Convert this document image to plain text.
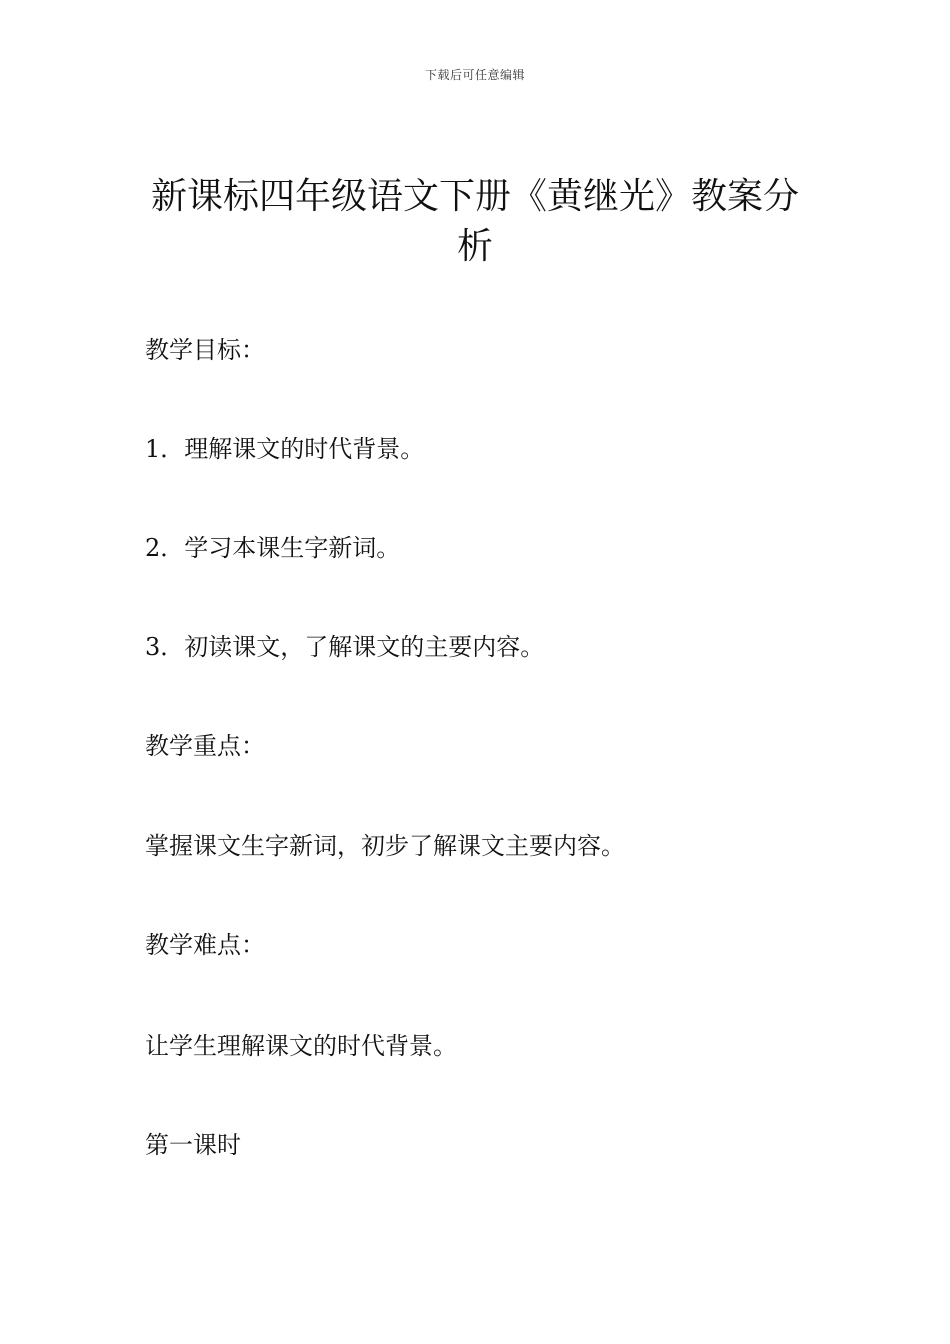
下载后可任意编辑
新课标四年级语文下册《黄继光》教案分析

教学目标：

1．理解课文的时代背景。

2．学习本课生字新词。

3．初读课文，了解课文的主要内容。

教学重点：

掌握课文生字新词，初步了解课文主要内容。

教学难点：

让学生理解课文的时代背景。

第一课时
